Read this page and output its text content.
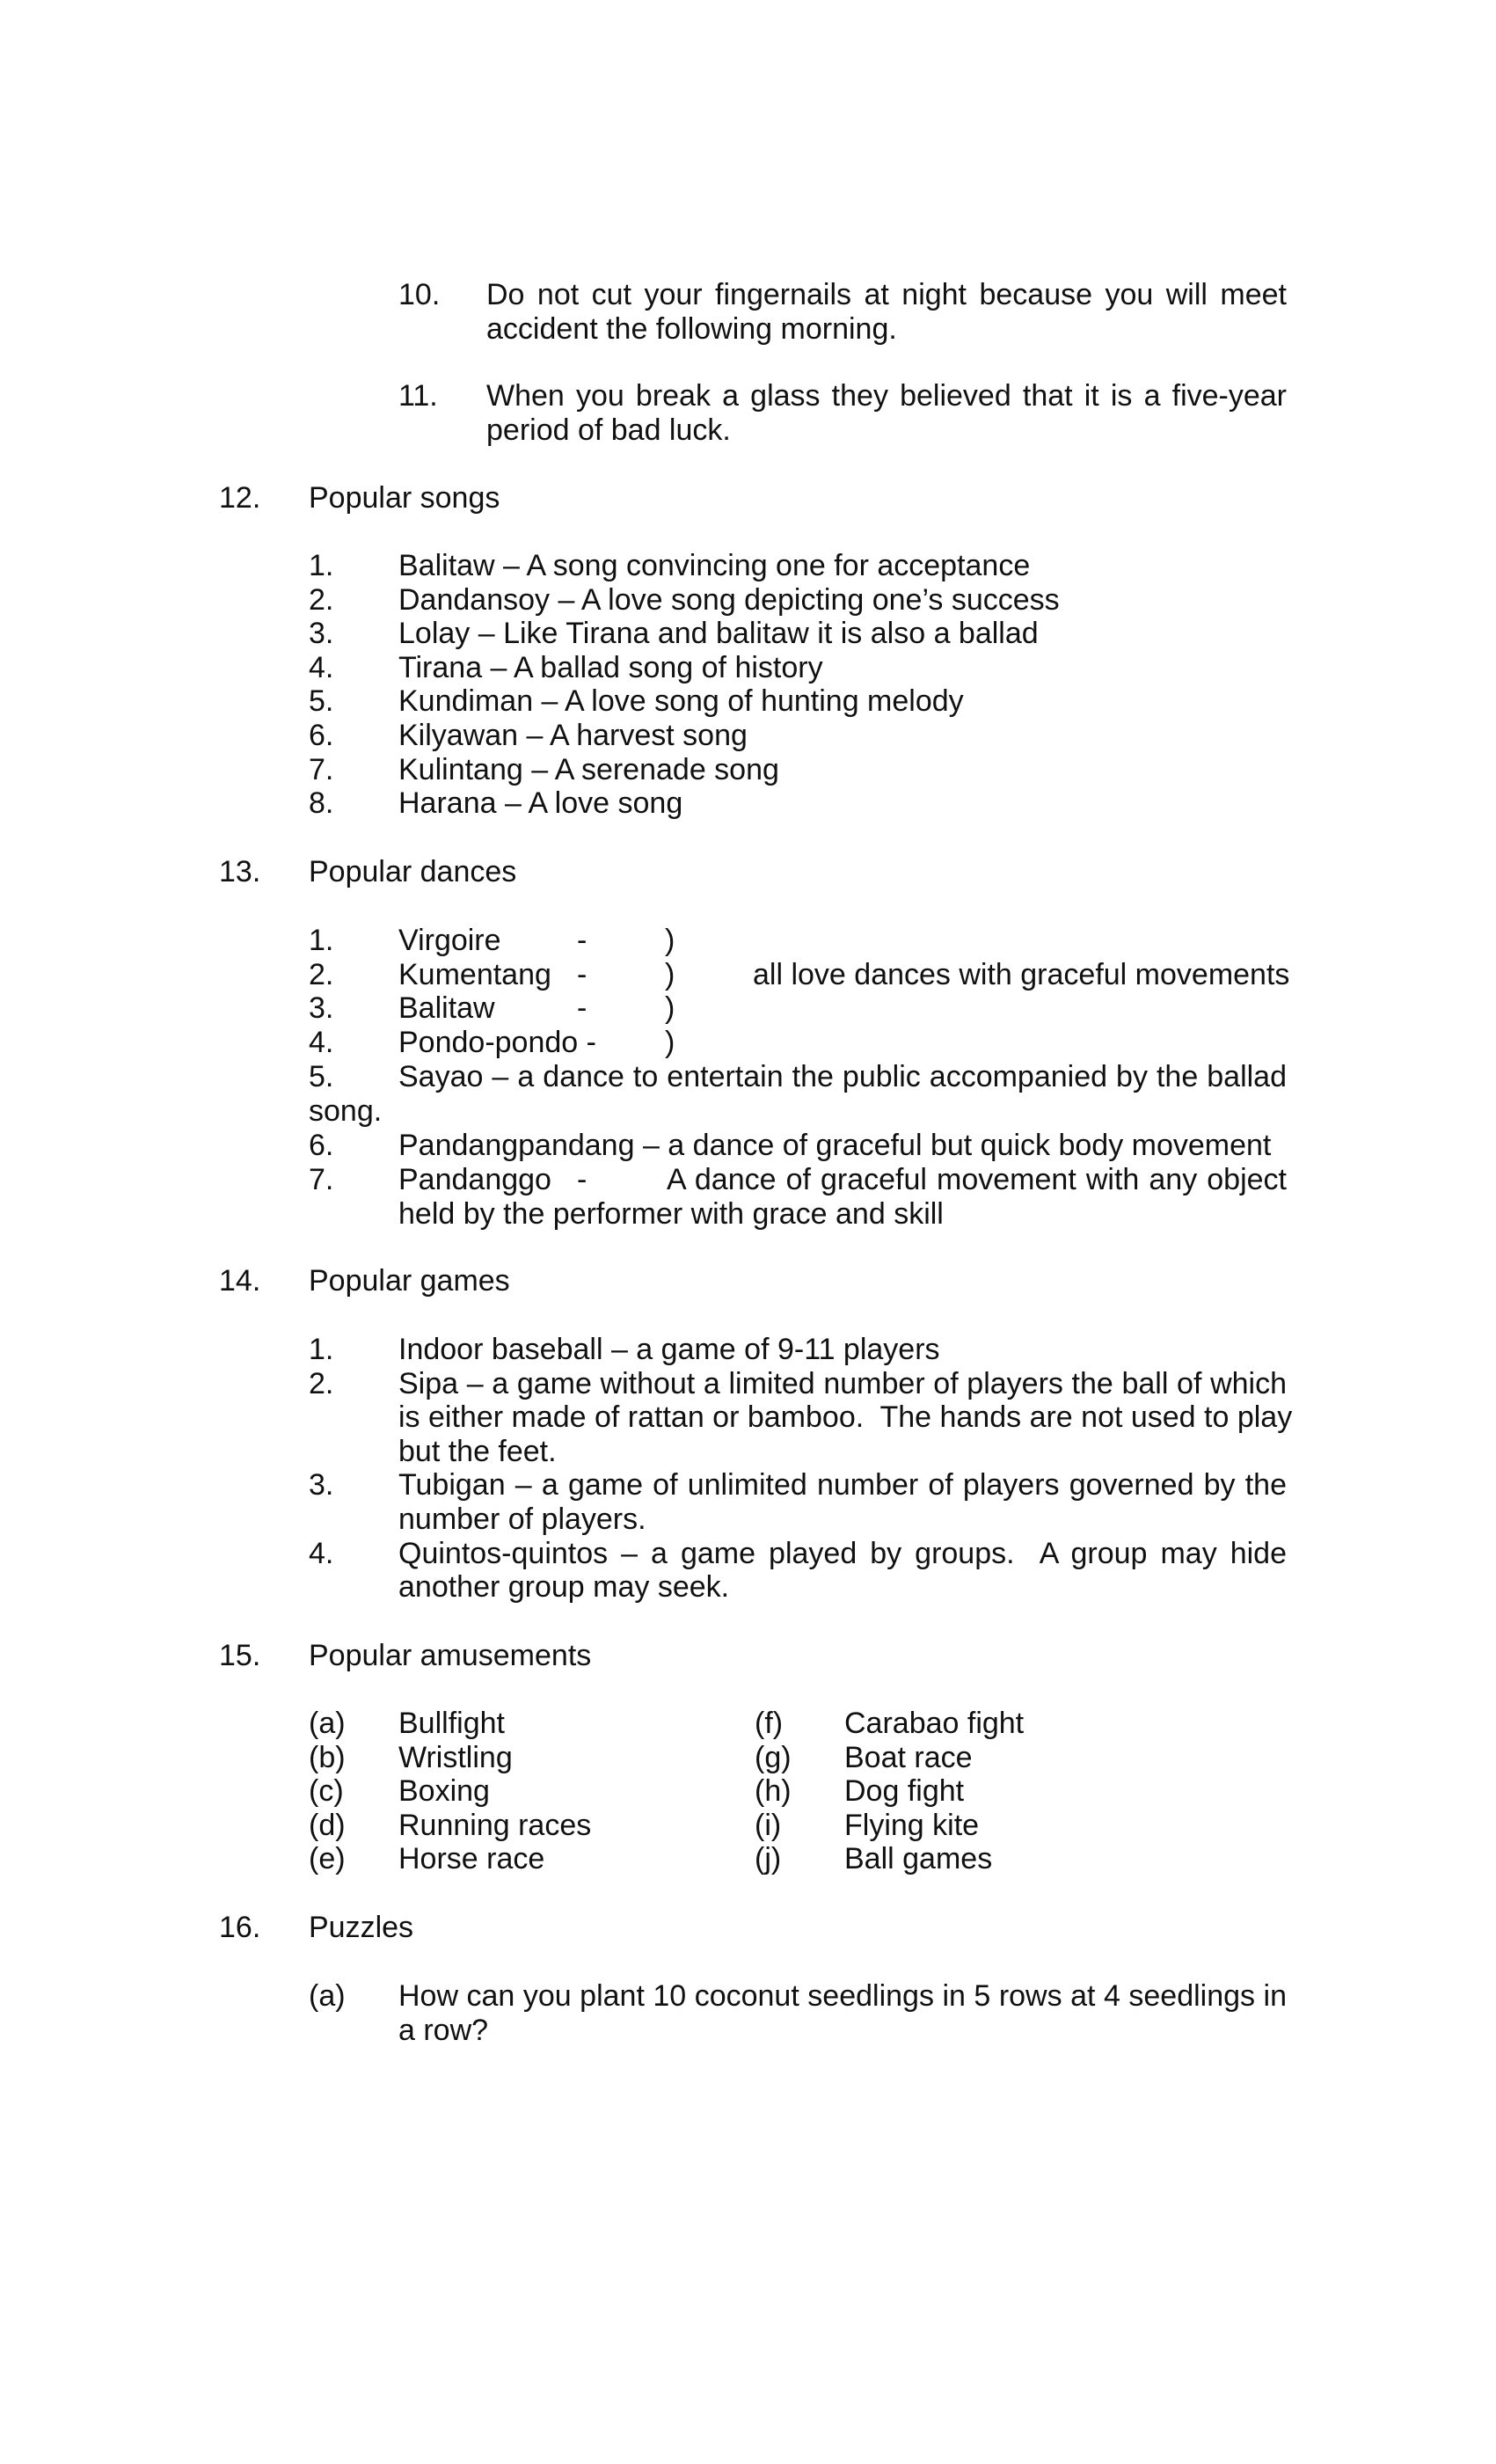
10. Do not cut your fingernails at night because you will meet
accident the following morning.
11. When you break a glass they believed that it is a five-year
period of bad luck.
12. Popular songs
1. Balitaw – A song convincing one for acceptance
2. Dandansoy – A love song depicting one’s success
3. Lolay – Like Tirana and balitaw it is also a ballad
4. Tirana – A ballad song of history
5. Kundiman – A love song of hunting melody
6. Kilyawan – A harvest song
7. Kulintang – A serenade song
8. Harana – A love song
13. Popular dances
1. Virgoire	-	)
2. Kumentang -	)	all love dances with graceful movements
3. Balitaw	-	)
4. Pondo-pondo - )
5. Sayao – a dance to entertain the public accompanied by the ballad
song.
6. Pandangpandang – a dance of graceful but quick body movement
7. Pandanggo -	A dance of graceful movement with any object
held by the performer with grace and skill
14. Popular games
1. Indoor baseball – a game of 9-11 players
2. Sipa – a game without a limited number of players the ball of which
is either made of rattan or bamboo.  The hands are not used to play
but the feet.
3. Tubigan – a game of unlimited number of players governed by the
number of players.
4. Quintos-quintos – a game played by groups.  A group may hide
another group may seek.
15. Popular amusements
(a) Bullfight	(f) Carabao fight
(b) Wristling	(g) Boat race
(c) Boxing	(h) Dog fight
(d) Running races	(i) Flying kite
(e) Horse race	(j) Ball games
16. Puzzles
(a) How can you plant 10 coconut seedlings in 5 rows at 4 seedlings in
a row?
